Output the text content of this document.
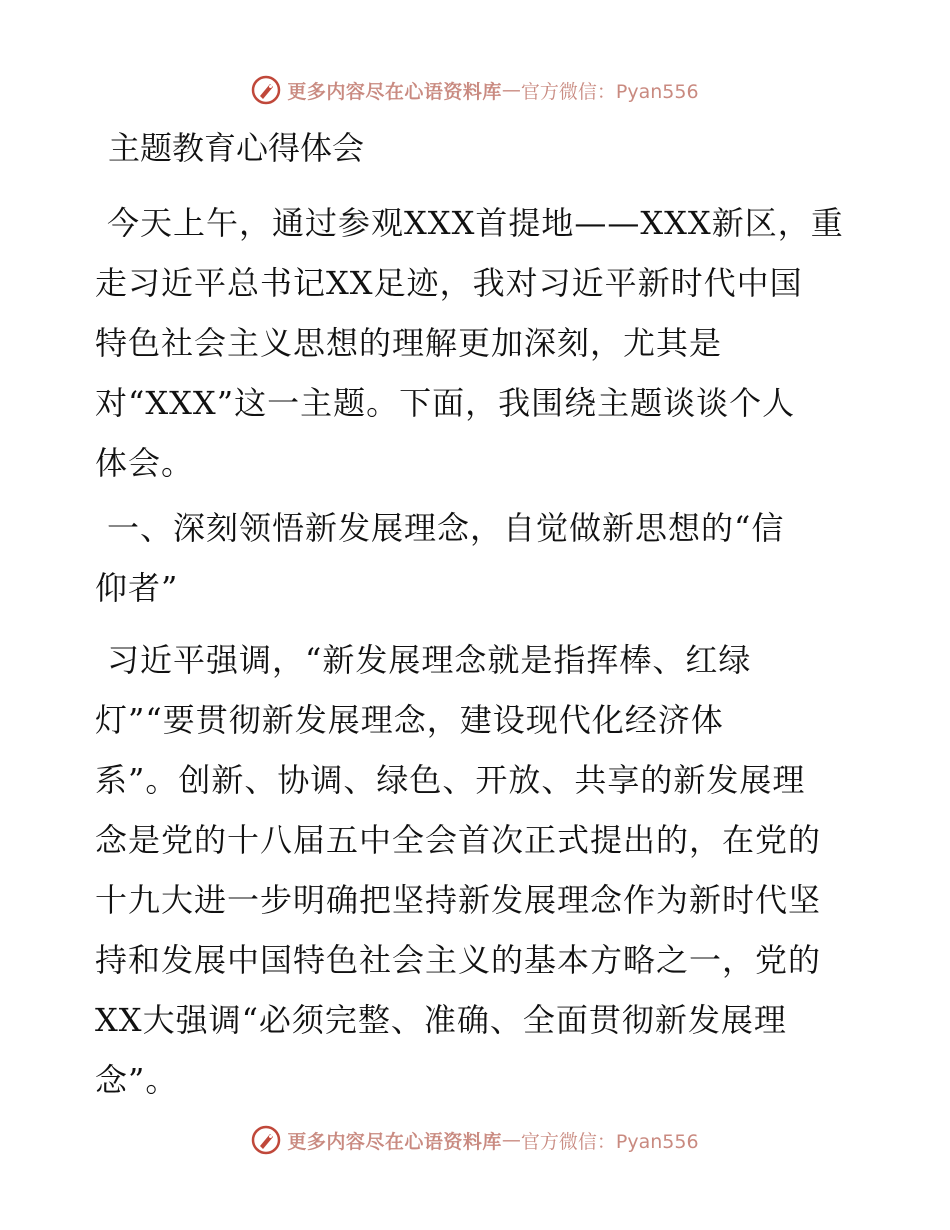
更多内容尽在心语资料库 — 官方微信：Pyan556
主题教育心得体会

今天上午，通过参观XXX首提地——XXX新区，重
走习近平总书记XX足迹，我对习近平新时代中国
特色社会主义思想的理解更加深刻，尤其是
对“XXX”这一主题。下面，我围绕主题谈谈个人
体会。

一、深刻领悟新发展理念，自觉做新思想的“信
仰者”

习近平强调，“新发展理念就是指挥棒、红绿
灯”“要贯彻新发展理念，建设现代化经济体
系”。创新、协调、绿色、开放、共享的新发展理
念是党的十八届五中全会首次正式提出的，在党的
十九大进一步明确把坚持新发展理念作为新时代坚
持和发展中国特色社会主义的基本方略之一，党的
XX大强调“必须完整、准确、全面贯彻新发展理
念”。

更多内容尽在心语资料库 — 官方微信：Pyan556
